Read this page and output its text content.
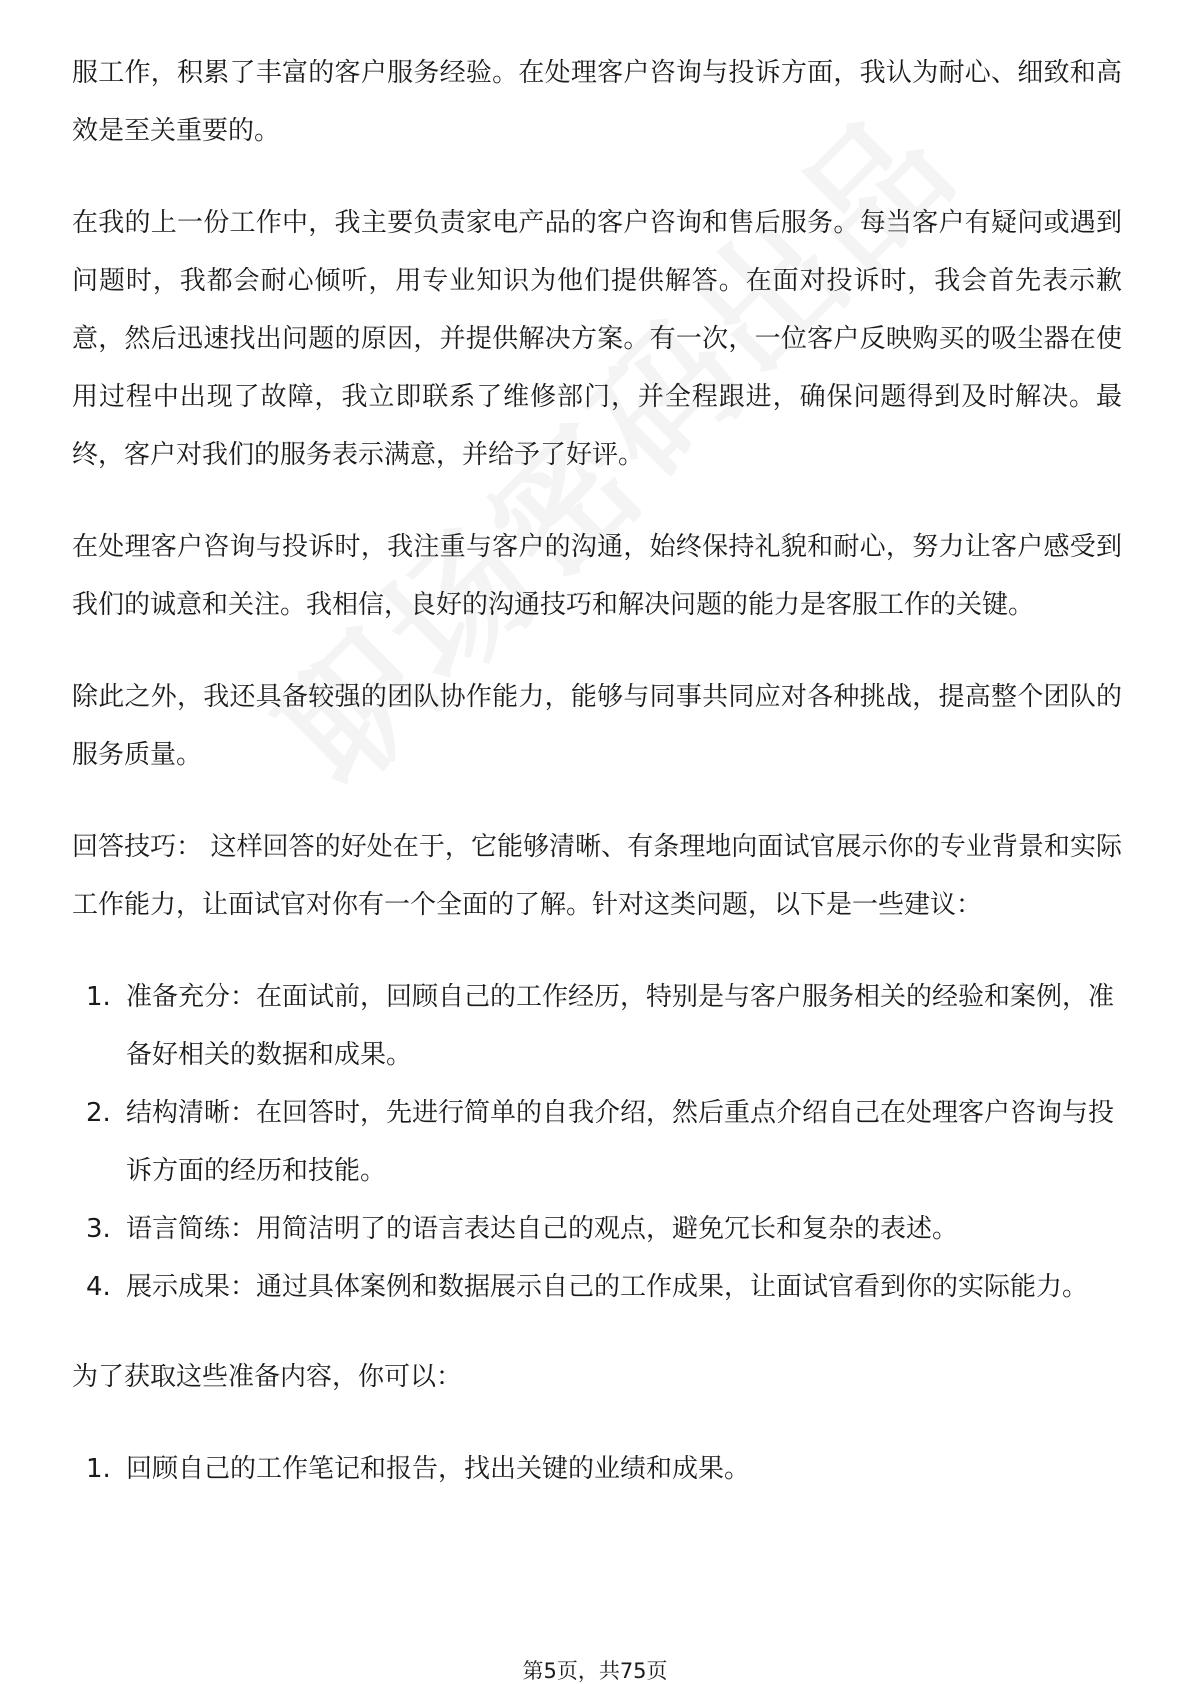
服工作，积累了丰富的客户服务经验。在处理客户咨询与投诉方面，我认为耐心、细致和高效是至关重要的。

在我的上一份工作中，我主要负责家电产品的客户咨询和售后服务。每当客户有疑问或遇到问题时，我都会耐心倾听，用专业知识为他们提供解答。在面对投诉时，我会首先表示歉意，然后迅速找出问题的原因，并提供解决方案。有一次，一位客户反映购买的吸尘器在使用过程中出现了故障，我立即联系了维修部门，并全程跟进，确保问题得到及时解决。最终，客户对我们的服务表示满意，并给予了好评。

在处理客户咨询与投诉时，我注重与客户的沟通，始终保持礼貌和耐心，努力让客户感受到我们的诚意和关注。我相信，良好的沟通技巧和解决问题的能力是客服工作的关键。

除此之外，我还具备较强的团队协作能力，能够与同事共同应对各种挑战，提高整个团队的服务质量。

回答技巧： 这样回答的好处在于，它能够清晰、有条理地向面试官展示你的专业背景和实际工作能力，让面试官对你有一个全面的了解。针对这类问题，以下是一些建议：

1. 准备充分：在面试前，回顾自己的工作经历，特别是与客户服务相关的经验和案例，准备好相关的数据和成果。
2. 结构清晰：在回答时，先进行简单的自我介绍，然后重点介绍自己在处理客户咨询与投诉方面的经历和技能。
3. 语言简练：用简洁明了的语言表达自己的观点，避免冗长和复杂的表述。
4. 展示成果：通过具体案例和数据展示自己的工作成果，让面试官看到你的实际能力。

为了获取这些准备内容，你可以：

1. 回顾自己的工作笔记和报告，找出关键的业绩和成果。
第5页，共75页
